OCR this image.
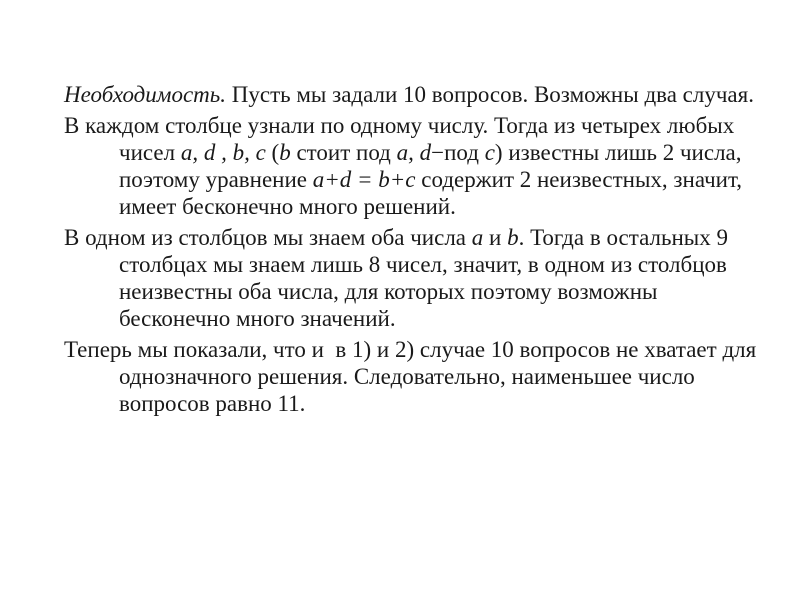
Необходимость. Пусть мы задали 10 вопросов. Возможны два случая.

В каждом столбце узнали по одному числу. Тогда из четырех любых чисел a, d , b, c (b стоит под a, d−под c) известны лишь 2 числа, поэтому уравнение a+d = b+c содержит 2 неизвестных, значит, имеет бесконечно много решений.

В одном из столбцов мы знаем оба числа a и b. Тогда в остальных 9 столбцах мы знаем лишь 8 чисел, значит, в одном из столбцов неизвестны оба числа, для которых поэтому возможны бесконечно много значений.

Теперь мы показали, что и  в 1) и 2) случае 10 вопросов не хватает для однозначного решения. Следовательно, наименьшее число вопросов равно 11.
